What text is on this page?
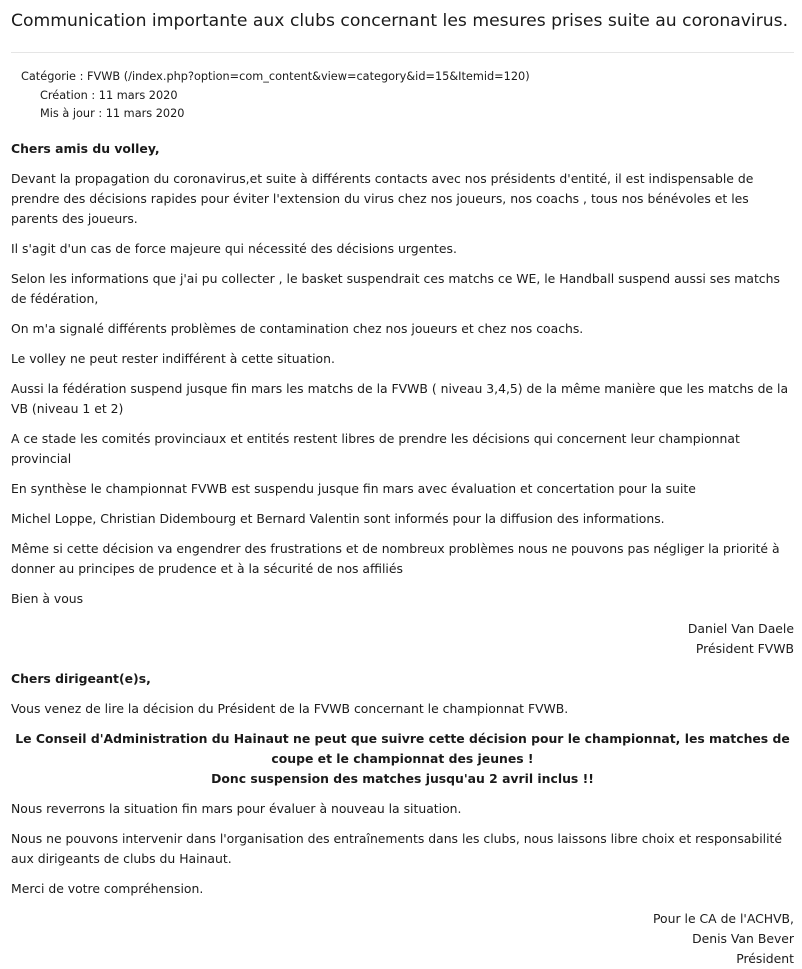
Communication importante aux clubs concernant les mesures prises suite au coronavirus.
Catégorie : FVWB (/index.php?option=com_content&view=category&id=15&Itemid=120)
Création : 11 mars 2020
Mis à jour : 11 mars 2020

Chers amis du volley,

Devant la propagation du coronavirus,et suite à différents contacts avec nos présidents d'entité, il est indispensable de prendre des décisions rapides pour éviter l'extension du virus chez nos joueurs, nos coachs , tous nos bénévoles et les parents des joueurs.

Il s'agit d'un cas de force majeure qui nécessité des décisions urgentes.

Selon les informations que j'ai pu collecter , le basket suspendrait ces matchs ce WE, le Handball suspend aussi ses matchs de fédération,

On m'a signalé différents problèmes de contamination chez nos joueurs et chez nos coachs.

Le volley ne peut rester indifférent à cette situation.

Aussi la fédération suspend jusque fin mars les matchs de la FVWB ( niveau 3,4,5) de la même manière que les matchs de la VB (niveau 1 et 2)

A ce stade les comités provinciaux et entités restent libres de prendre les décisions qui concernent leur championnat provincial

En synthèse le championnat FVWB est suspendu jusque fin mars avec évaluation et concertation pour la suite

Michel Loppe, Christian Didembourg et Bernard Valentin sont informés pour la diffusion des informations.

Même si cette décision va engendrer des frustrations et de nombreux problèmes nous ne pouvons pas négliger la priorité à donner au principes de prudence et à la sécurité de nos affiliés

Bien à vous

Daniel Van Daele
Président FVWB

Chers dirigeant(e)s,

Vous venez de lire la décision du Président de la FVWB concernant le championnat FVWB.

Le Conseil d'Administration du Hainaut ne peut que suivre cette décision pour le championnat, les matches de coupe et le championnat des jeunes !
Donc suspension des matches jusqu'au 2 avril inclus !!

Nous reverrons la situation fin mars pour évaluer à nouveau la situation.

Nous ne pouvons intervenir dans l'organisation des entraînements dans les clubs, nous laissons libre choix et responsabilité aux dirigeants de clubs du Hainaut.

Merci de votre compréhension.

Pour le CA de l'ACHVB,
Denis Van Bever
Président
